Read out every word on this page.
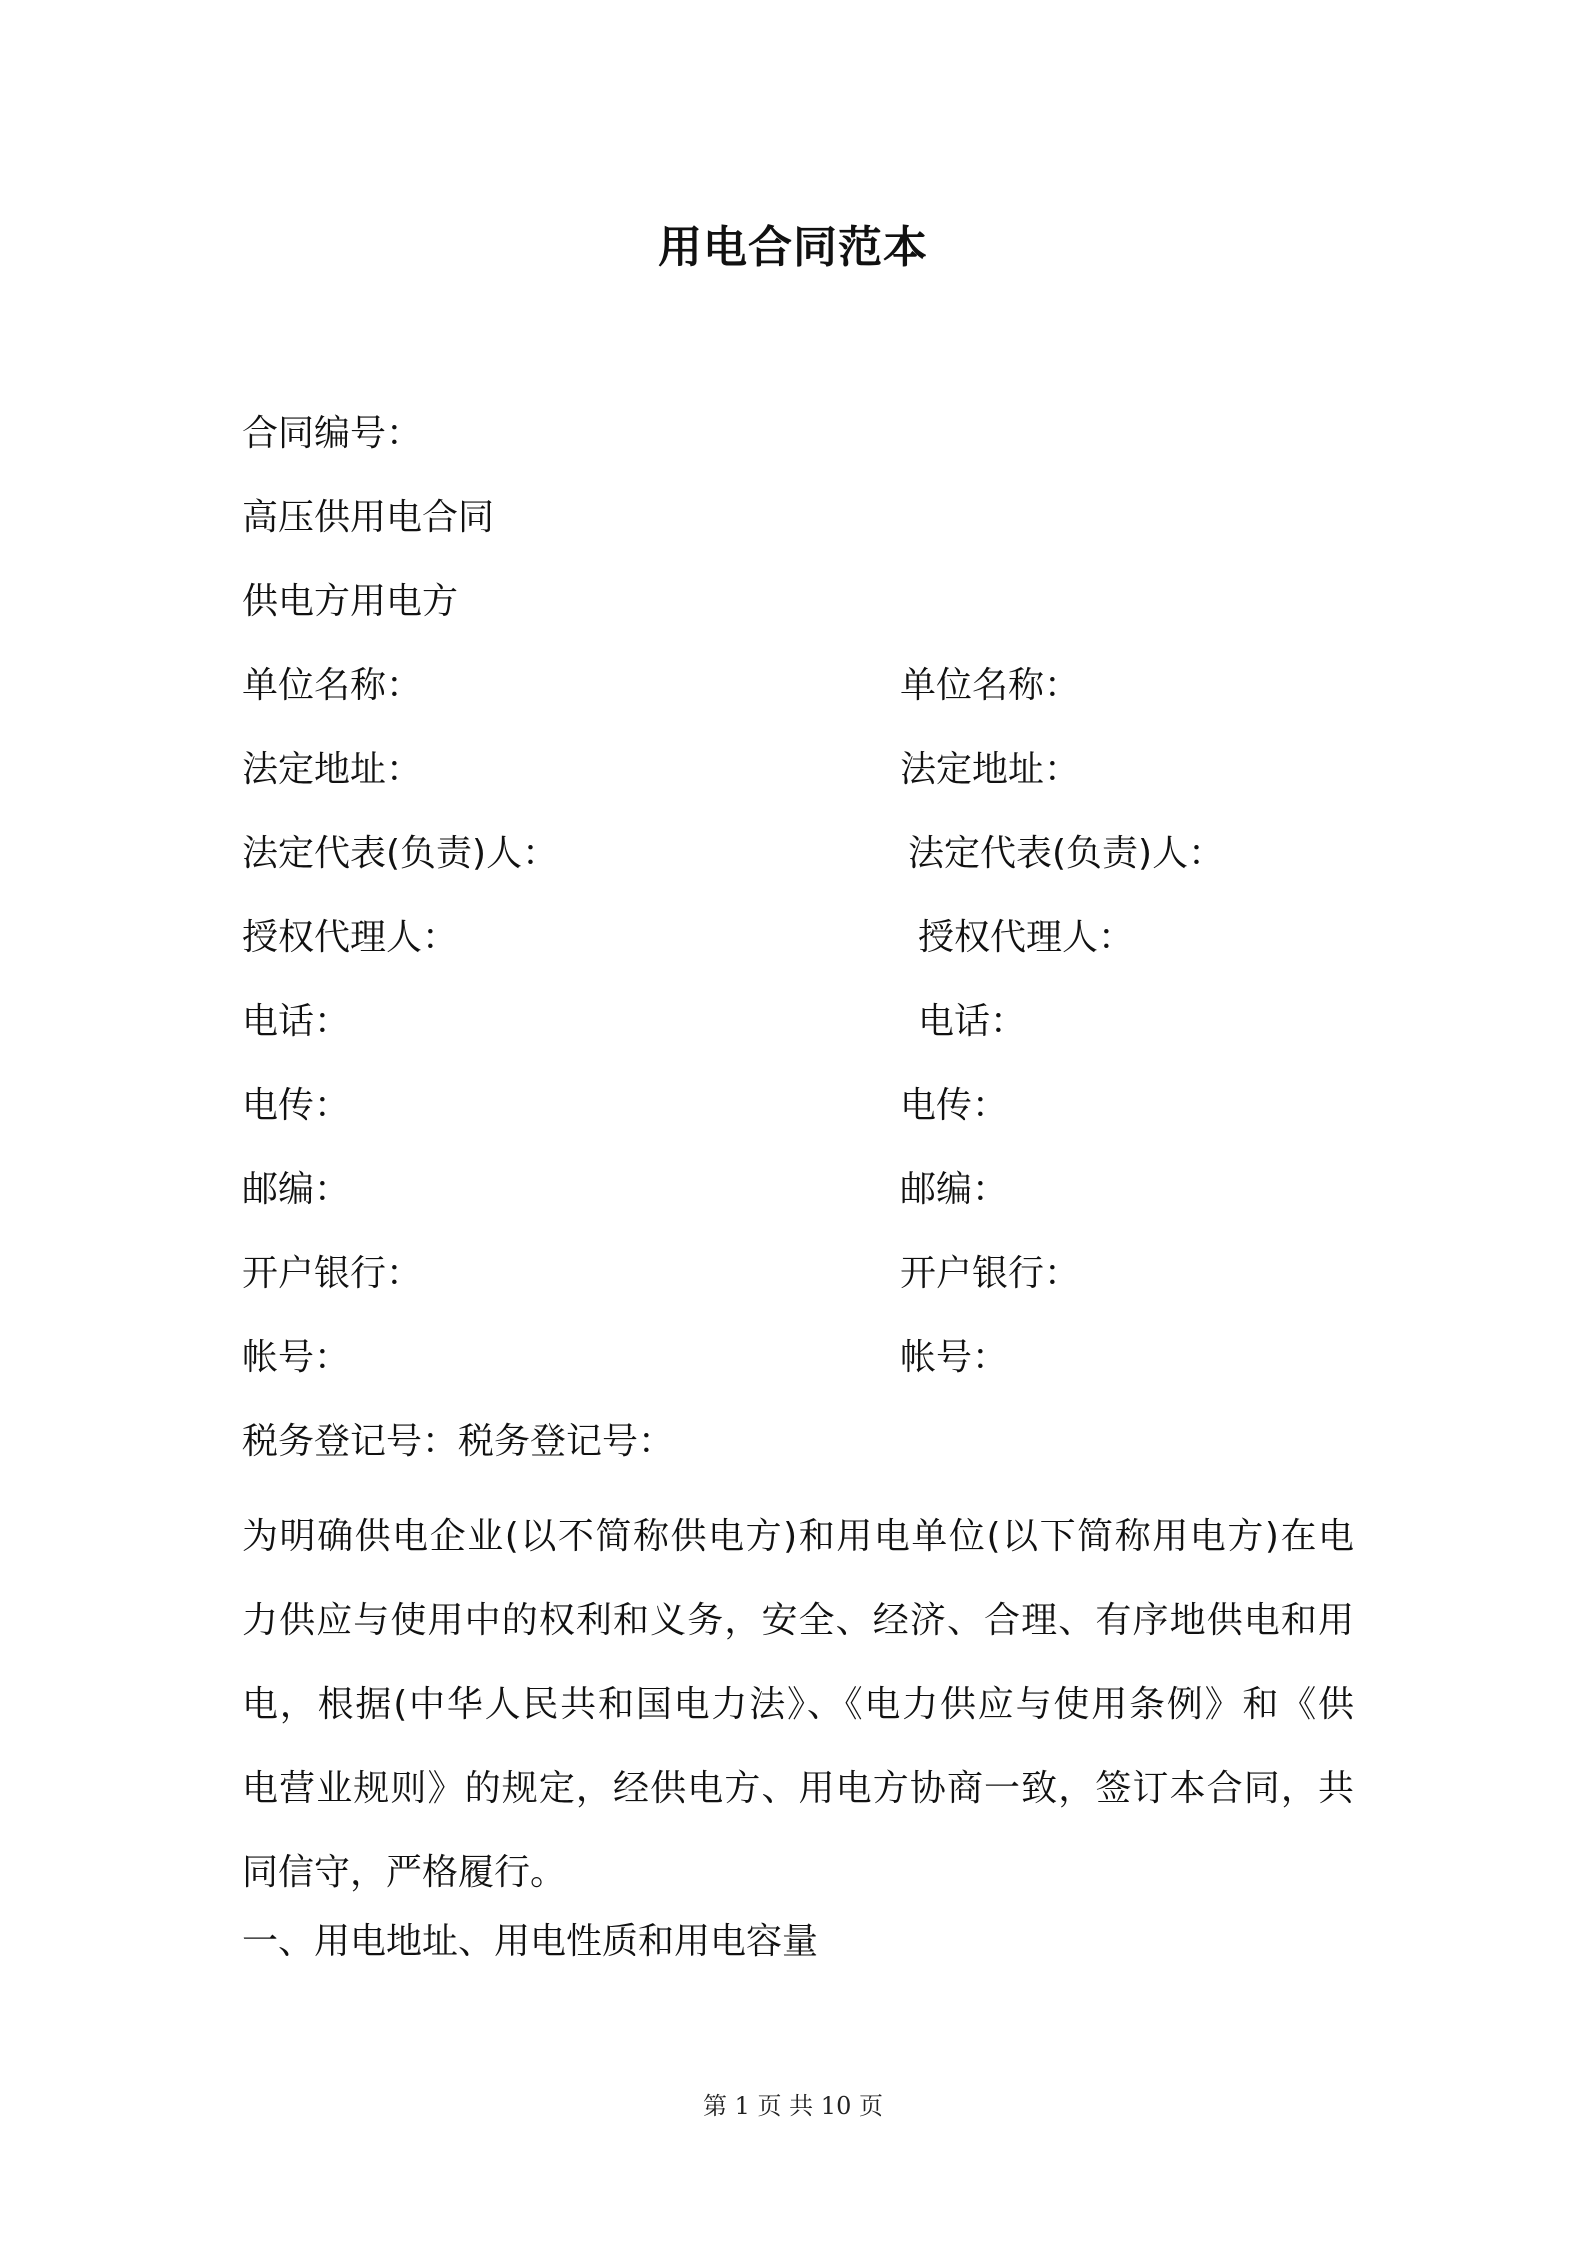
用电合同范本
合同编号：
高压供用电合同
供电方用电方
单位名称：	单位名称：
法定地址：	法定地址：
法定代表(负责)人：	法定代表(负责)人：
授权代理人：	授权代理人：
电话：	电话：
电传：	电传：
邮编：	邮编：
开户银行：	开户银行：
帐号：	帐号：
税务登记号：税务登记号：
为明确供电企业(以不简称供电方)和用电单位(以下简称用电方)在电
力供应与使用中的权利和义务，安全、经济、合理、有序地供电和用
电，根据(中华人民共和国电力法》、《电力供应与使用条例》和《供
电营业规则》的规定，经供电方、用电方协商一致，签订本合同，共
同信守，严格履行。
一、用电地址、用电性质和用电容量
第 1 页 共 10 页
